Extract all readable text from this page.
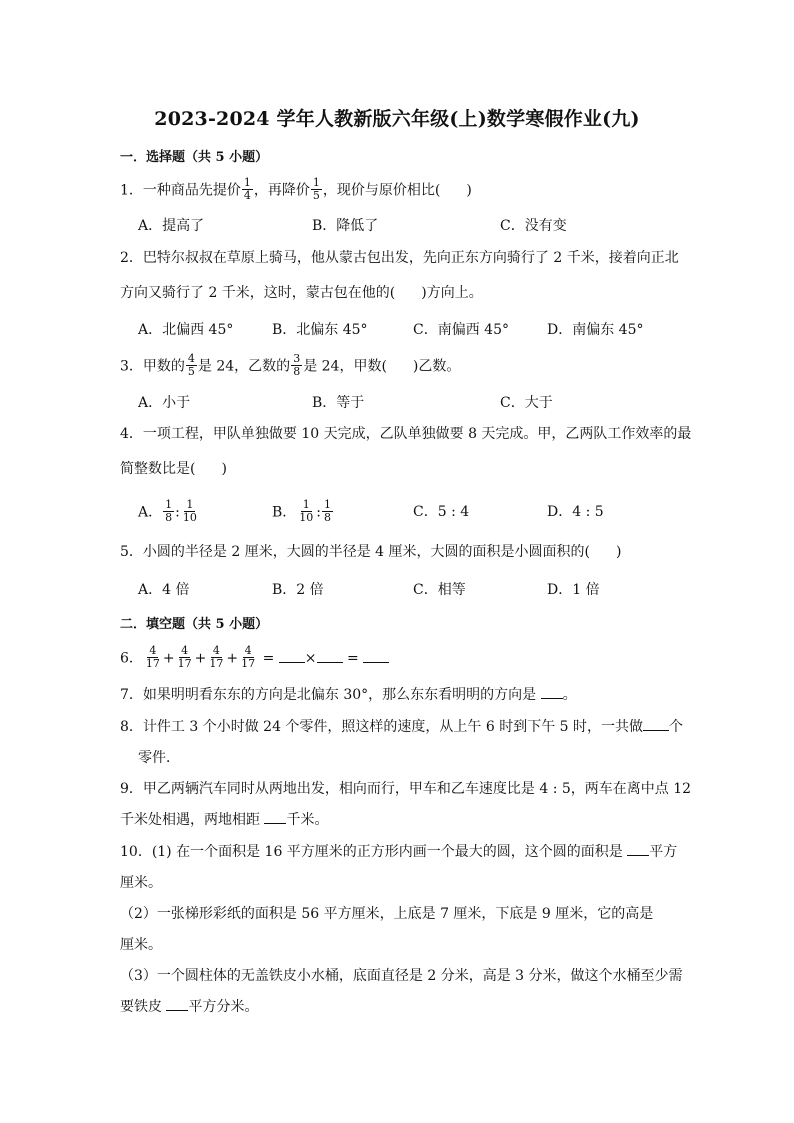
2023-2024 学年人教新版六年级(上)数学寒假作业(九)
一．选择题（共 5 小题）
1．一种商品先提价 $\frac{1}{4}$ ，再降价 $\frac{1}{5}$ ，现价与原价相比( )
A．提高了	B．降低了	C．没有变
2．巴特尔叔叔在草原上骑马，他从蒙古包出发，先向正东方向骑行了 2 千米，接着向正北
方向又骑行了 2 千米，这时，蒙古包在他的( )方向上。
A．北偏西 45°	B．北偏东 45°	C．南偏西 45°	D．南偏东 45°
3．甲数的 $\frac{4}{5}$ 是 24，乙数的 $\frac{3}{8}$ 是 24，甲数( )乙数。
A．小于	B．等于	C．大于
4．一项工程，甲队单独做要 10 天完成，乙队单独做要 8 天完成。甲，乙两队工作效率的最
简整数比是( )
A． $\frac{1}{8}$ : $\frac{1}{10}$	B． $\frac{1}{10}$ : $\frac{1}{8}$	C．5 : 4	D．4 : 5
5．小圆的半径是 2 厘米，大圆的半径是 4 厘米，大圆的面积是小圆面积的( )
A．4 倍	B．2 倍	C．相等	D．1 倍
二．填空题（共 5 小题）
6． $\frac{4}{17} + \frac{4}{17} + \frac{4}{17} + \frac{4}{17}$ = × =
7．如果明明看东东的方向是北偏东 30°，那么东东看明明的方向是 。
8．计件工 3 个小时做 24 个零件，照这样的速度，从上午 6 时到下午 5 时，一共做 个
零件．
9．甲乙两辆汽车同时从两地出发，相向而行，甲车和乙车速度比是 4 : 5，两车在离中点 12
千米处相遇，两地相距 千米。
10．(1) 在一个面积是 16 平方厘米的正方形内画一个最大的圆，这个圆的面积是 平方
厘米。
（2）一张梯形彩纸的面积是 56 平方厘米，上底是 7 厘米，下底是 9 厘米，它的高是
厘米。
（3）一个圆柱体的无盖铁皮小水桶，底面直径是 2 分米，高是 3 分米，做这个水桶至少需
要铁皮 平方分米。
